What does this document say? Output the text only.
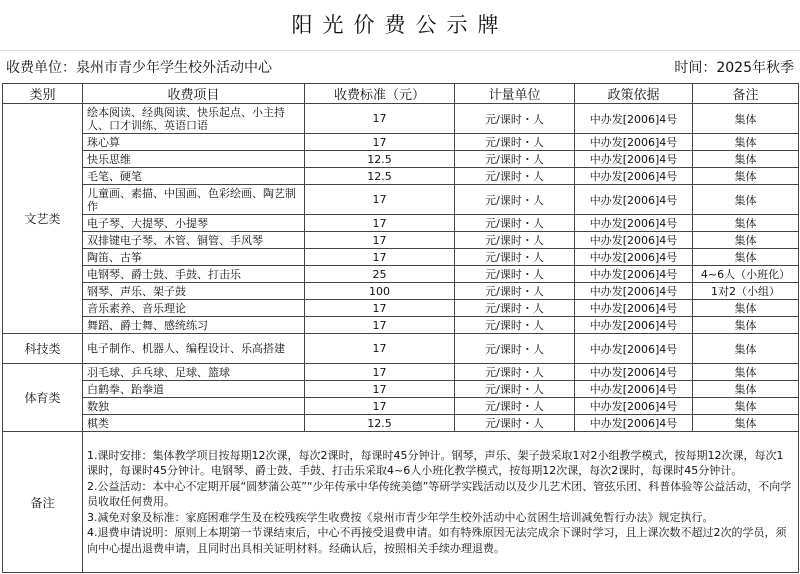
阳光价费公示牌
收费单位：泉州市青少年学生校外活动中心	时间：2025年秋季
类别	收费项目	收费标准（元）	计量单位	政策依据	备注
文艺类	绘本阅读、经典阅读、快乐起点、小主持人、口才训练、英语口语	17	元/课时・人	中办发[2006]4号	集体
	珠心算	17	元/课时・人	中办发[2006]4号	集体
	快乐思维	12.5	元/课时・人	中办发[2006]4号	集体
	毛笔、硬笔	12.5	元/课时・人	中办发[2006]4号	集体
	儿童画、素描、中国画、色彩绘画、陶艺制作	17	元/课时・人	中办发[2006]4号	集体
	电子琴、大提琴、小提琴	17	元/课时・人	中办发[2006]4号	集体
	双排键电子琴、木管、铜管、手风琴	17	元/课时・人	中办发[2006]4号	集体
	陶笛、古筝	17	元/课时・人	中办发[2006]4号	集体
	电钢琴、爵士鼓、手鼓、打击乐	25	元/课时・人	中办发[2006]4号	4~6人（小班化）
	钢琴、声乐、架子鼓	100	元/课时・人	中办发[2006]4号	1对2（小组）
	音乐素养、音乐理论	17	元/课时・人	中办发[2006]4号	集体
	舞蹈、爵士舞、感统练习	17	元/课时・人	中办发[2006]4号	集体
科技类	电子制作、机器人、编程设计、乐高搭建	17	元/课时・人	中办发[2006]4号	集体
体育类	羽毛球、乒乓球、足球、篮球	17	元/课时・人	中办发[2006]4号	集体
	白鹤拳、跆拳道	17	元/课时・人	中办发[2006]4号	集体
	数独	17	元/课时・人	中办发[2006]4号	集体
	棋类	12.5	元/课时・人	中办发[2006]4号	集体
备注	1.课时安排：集体教学项目按每期12次课，每次2课时，每课时45分钟计。钢琴，声乐、架子鼓采取1对2小组教学模式，按每期12次课，每次1课时，每课时45分钟计。电钢琴、爵士鼓、手鼓、打击乐采取4~6人小班化教学模式，按每期12次课，每次2课时，每课时45分钟计。
2.公益活动：本中心不定期开展“圆梦蒲公英”“少年传承中华传统美德”等研学实践活动以及少儿艺术团、管弦乐团、科普体验等公益活动，不向学员收取任何费用。
3.减免对象及标准：家庭困难学生及在校残疾学生收费按《泉州市青少年学生校外活动中心贫困生培训减免暂行办法》规定执行。
4.退费申请说明：原则上本期第一节课结束后，中心不再接受退费申请。如有特殊原因无法完成余下课时学习，且上课次数不超过2次的学员，须向中心提出退费申请，且同时出具相关证明材料。经确认后，按照相关手续办理退费。				
